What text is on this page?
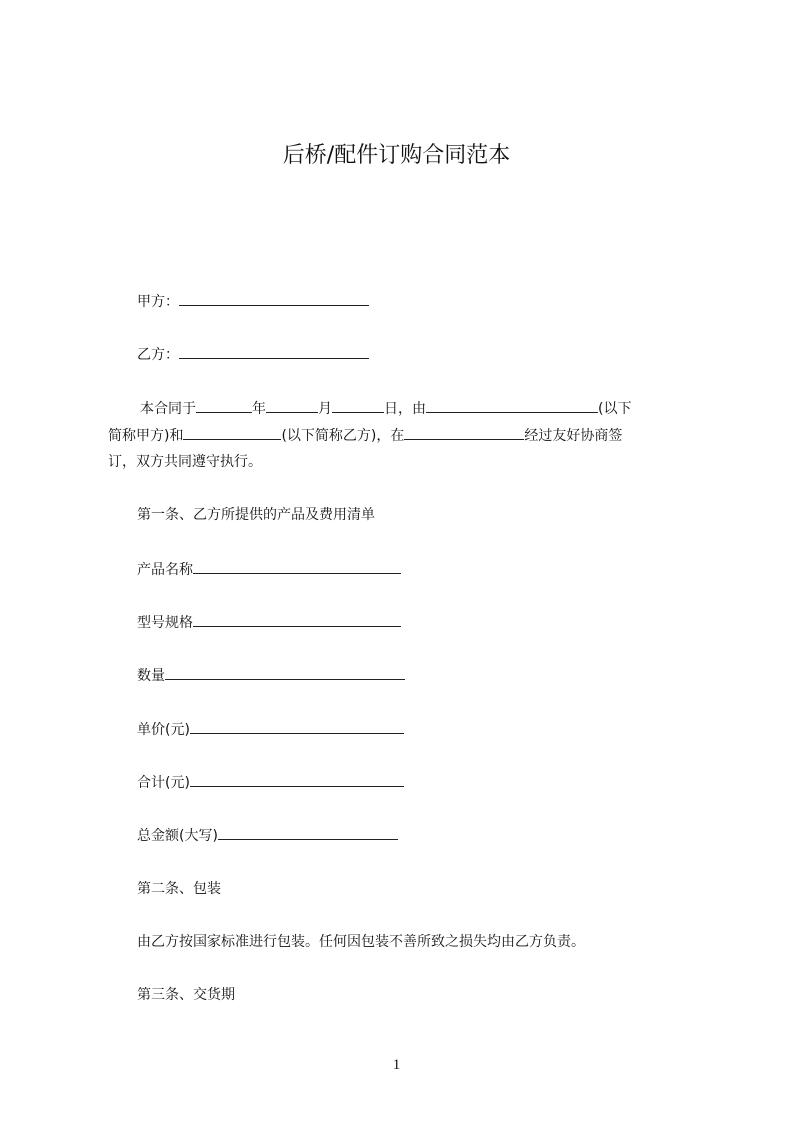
后桥/配件订购合同范本
甲方：
乙方：
本合同于	年	月	日，由	(以下
简称甲方)和	(以下简称乙方)，在	经过友好协商签
订，双方共同遵守执行。
第一条、乙方所提供的产品及费用清单
产品名称
型号规格
数量
单价(元)
合计(元)
总金额(大写)
第二条、包装
由乙方按国家标准进行包装。任何因包装不善所致之损失均由乙方负责。
第三条、交货期
1
